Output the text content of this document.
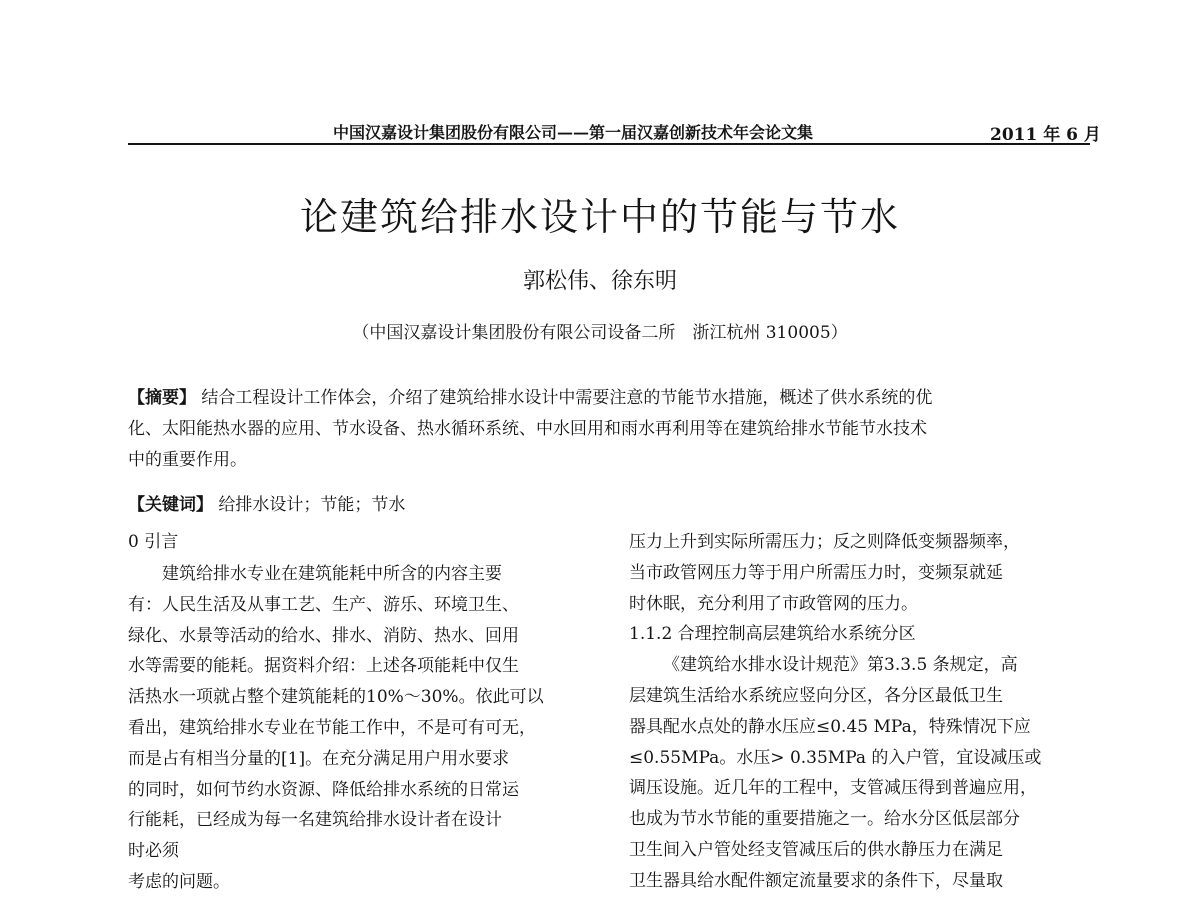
中国汉嘉设计集团股份有限公司——第一届汉嘉创新技术年会论文集	2011 年 6 月
论建筑给排水设计中的节能与节水
郭松伟、徐东明
（中国汉嘉设计集团股份有限公司设备二所　浙江杭州 310005）
【摘要】 结合工程设计工作体会，介绍了建筑给排水设计中需要注意的节能节水措施，概述了供水系统的优
化、太阳能热水器的应用、节水设备、热水循环系统、中水回用和雨水再利用等在建筑给排水节能节水技术
中的重要作用。
【关键词】 给排水设计；节能；节水
0 引言
建筑给排水专业在建筑能耗中所含的内容主要
有：人民生活及从事工艺、生产、游乐、环境卫生、
绿化、水景等活动的给水、排水、消防、热水、回用
水等需要的能耗。据资料介绍：上述各项能耗中仅生
活热水一项就占整个建筑能耗的10%～30%。依此可以
看出，建筑给排水专业在节能工作中，不是可有可无，
而是占有相当分量的[1]。在充分满足用户用水要求
的同时，如何节约水资源、降低给排水系统的日常运
行能耗，已经成为每一名建筑给排水设计者在设计
时必须
考虑的问题。
压力上升到实际所需压力；反之则降低变频器频率，
当市政管网压力等于用户所需压力时，变频泵就延
时休眠，充分利用了市政管网的压力。
1.1.2 合理控制高层建筑给水系统分区
《建筑给水排水设计规范》第3.3.5 条规定，高
层建筑生活给水系统应竖向分区，各分区最低卫生
器具配水点处的静水压应≤0.45 MPa，特殊情况下应
≤0.55MPa。水压> 0.35MPa 的入户管，宜设减压或
调压设施。近几年的工程中，支管减压得到普遍应用，
也成为节水节能的重要措施之一。给水分区低层部分
卫生间入户管处经支管减压后的供水静压力在满足
卫生器具给水配件额定流量要求的条件下，尽量取
